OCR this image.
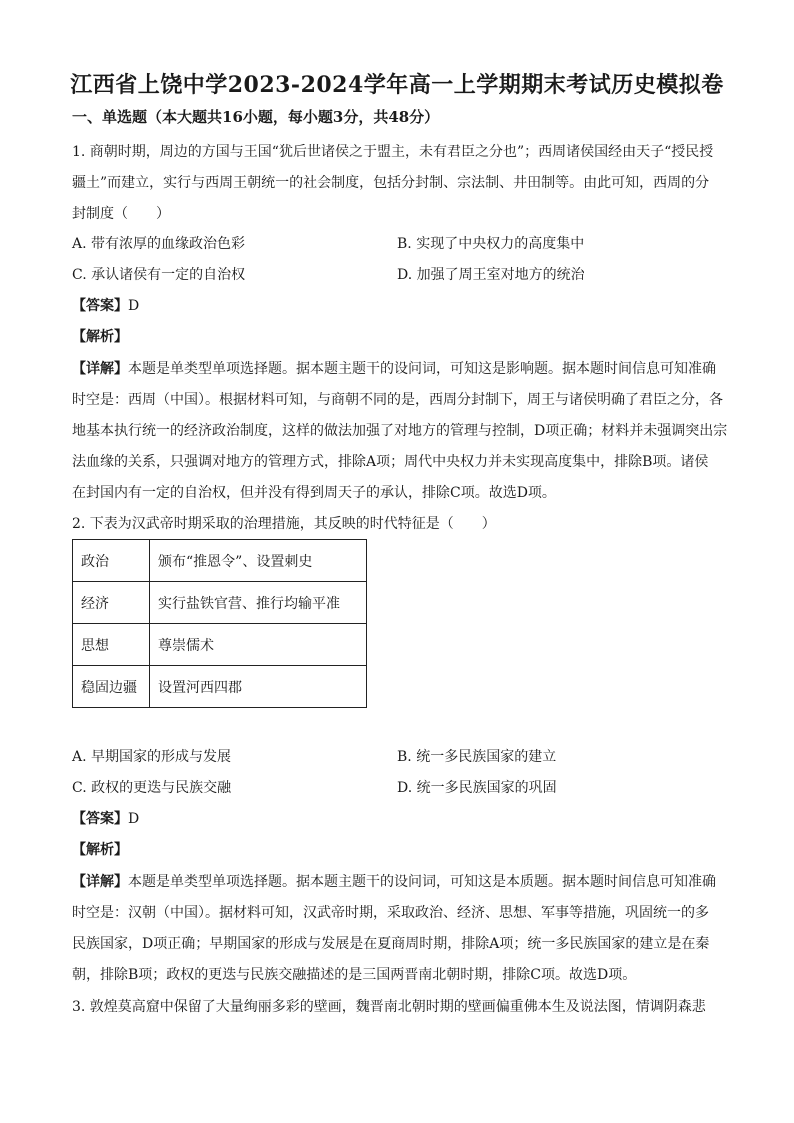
江西省上饶中学2023-2024学年高一上学期期末考试历史模拟卷
一、单选题（本大题共16小题，每小题3分，共48分）
1. 商朝时期，周边的方国与王国“犹后世诸侯之于盟主，未有君臣之分也”；西周诸侯国经由天子“授民授
疆土”而建立，实行与西周王朝统一的社会制度，包括分封制、宗法制、井田制等。由此可知，西周的分
封制度（　　）
A. 带有浓厚的血缘政治色彩	B. 实现了中央权力的高度集中
C. 承认诸侯有一定的自治权	D. 加强了周王室对地方的统治
【答案】D
【解析】
【详解】本题是单类型单项选择题。据本题主题干的设问词，可知这是影响题。据本题时间信息可知准确
时空是：西周（中国）。根据材料可知，与商朝不同的是，西周分封制下，周王与诸侯明确了君臣之分，各
地基本执行统一的经济政治制度，这样的做法加强了对地方的管理与控制，D项正确；材料并未强调突出宗
法血缘的关系，只强调对地方的管理方式，排除A项；周代中央权力并未实现高度集中，排除B项。诸侯
在封国内有一定的自治权，但并没有得到周天子的承认，排除C项。故选D项。
2. 下表为汉武帝时期采取的治理措施，其反映的时代特征是（　　）
政治	颁布“推恩令”、设置刺史
经济	实行盐铁官营、推行均输平准
思想	尊崇儒术
稳固边疆	设置河西四郡
A. 早期国家的形成与发展	B. 统一多民族国家的建立
C. 政权的更迭与民族交融	D. 统一多民族国家的巩固
【答案】D
【解析】
【详解】本题是单类型单项选择题。据本题主题干的设问词，可知这是本质题。据本题时间信息可知准确
时空是：汉朝（中国）。据材料可知，汉武帝时期，采取政治、经济、思想、军事等措施，巩固统一的多
民族国家，D项正确；早期国家的形成与发展是在夏商周时期，排除A项；统一多民族国家的建立是在秦
朝，排除B项；政权的更迭与民族交融描述的是三国两晋南北朝时期，排除C项。故选D项。
3. 敦煌莫高窟中保留了大量绚丽多彩的壁画，魏晋南北朝时期的壁画偏重佛本生及说法图，情调阴森悲
